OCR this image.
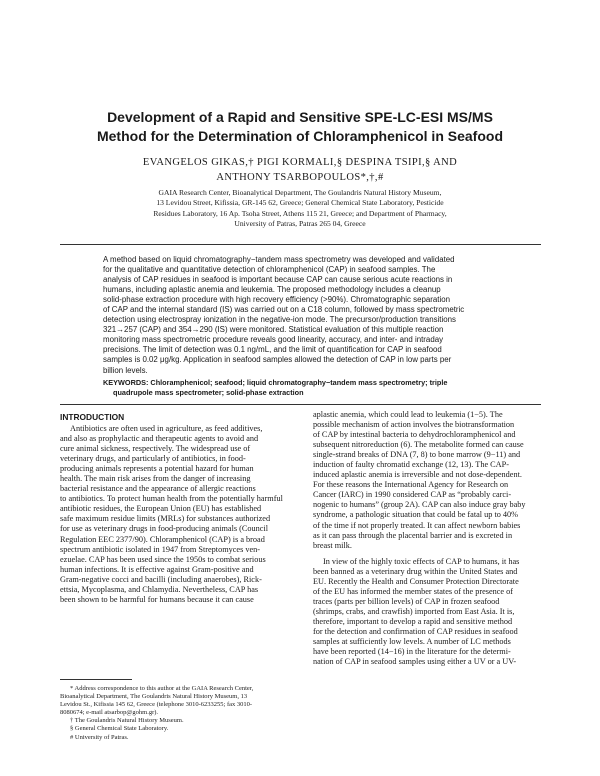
Development of a Rapid and Sensitive SPE-LC-ESI MS/MS
Method for the Determination of Chloramphenicol in Seafood
EVANGELOS GIKAS,† PIGI KORMALI,§ DESPINA TSIPI,§ AND
ANTHONY TSARBOPOULOS*,†,#
GAIA Research Center, Bioanalytical Department, The Goulandris Natural History Museum,
13 Levidou Street, Kifissia, GR-145 62, Greece; General Chemical State Laboratory, Pesticide
Residues Laboratory, 16 Ap. Tsoha Street, Athens 115 21, Greece; and Department of Pharmacy,
University of Patras, Patras 265 04, Greece
A method based on liquid chromatography−tandem mass spectrometry was developed and validated
for the qualitative and quantitative detection of chloramphenicol (CAP) in seafood samples. The
analysis of CAP residues in seafood is important because CAP can cause serious acute reactions in
humans, including aplastic anemia and leukemia. The proposed methodology includes a cleanup
solid-phase extraction procedure with high recovery efficiency (>90%). Chromatographic separation
of CAP and the internal standard (IS) was carried out on a C18 column, followed by mass spectrometric
detection using electrospray ionization in the negative-ion mode. The precursor/production transitions
321→257 (CAP) and 354→290 (IS) were monitored. Statistical evaluation of this multiple reaction
monitoring mass spectrometric procedure reveals good linearity, accuracy, and inter- and intraday
precisions. The limit of detection was 0.1 ng/mL, and the limit of quantification for CAP in seafood
samples is 0.02 μg/kg. Application in seafood samples allowed the detection of CAP in low parts per
billion levels.
KEYWORDS: Chloramphenicol; seafood; liquid chromatography−tandem mass spectrometry; triple
quadrupole mass spectrometer; solid-phase extraction
INTRODUCTION
Antibiotics are often used in agriculture, as feed additives,
and also as prophylactic and therapeutic agents to avoid and
cure animal sickness, respectively. The widespread use of
veterinary drugs, and particularly of antibiotics, in food-
producing animals represents a potential hazard for human
health. The main risk arises from the danger of increasing
bacterial resistance and the appearance of allergic reactions
to antibiotics. To protect human health from the potentially harmful
antibiotic residues, the European Union (EU) has established
safe maximum residue limits (MRLs) for substances authorized
for use as veterinary drugs in food-producing animals (Council
Regulation EEC 2377/90). Chloramphenicol (CAP) is a broad
spectrum antibiotic isolated in 1947 from Streptomyces ven-
ezuelae. CAP has been used since the 1950s to combat serious
human infections. It is effective against Gram-positive and
Gram-negative cocci and bacilli (including anaerobes), Rick-
ettsia, Mycoplasma, and Chlamydia. Nevertheless, CAP has
been shown to be harmful for humans because it can cause
* Address correspondence to this author at the GAIA Research Center,
Bioanalytical Department, The Goulandris Natural History Museum, 13
Levidou St., Kifissia 145 62, Greece (telephone 3010-6233255; fax 3010-
8080674; e-mail atsarbop@gohm.gr).
† The Goulandris Natural History Museum.
§ General Chemical State Laboratory.
# University of Patras.
aplastic anemia, which could lead to leukemia (1−5). The
possible mechanism of action involves the biotransformation
of CAP by intestinal bacteria to dehydrochloramphenicol and
subsequent nitroreduction (6). The metabolite formed can cause
single-strand breaks of DNA (7, 8) to bone marrow (9−11) and
induction of faulty chromatid exchange (12, 13). The CAP-
induced aplastic anemia is irreversible and not dose-dependent.
For these reasons the International Agency for Research on
Cancer (IARC) in 1990 considered CAP as “probably carci-
nogenic to humans” (group 2A). CAP can also induce gray baby
syndrome, a pathologic situation that could be fatal up to 40%
of the time if not properly treated. It can affect newborn babies
as it can pass through the placental barrier and is excreted in
breast milk.
In view of the highly toxic effects of CAP to humans, it has
been banned as a veterinary drug within the United States and
EU. Recently the Health and Consumer Protection Directorate
of the EU has informed the member states of the presence of
traces (parts per billion levels) of CAP in frozen seafood
(shrimps, crabs, and crawfish) imported from East Asia. It is,
therefore, important to develop a rapid and sensitive method
for the detection and confirmation of CAP residues in seafood
samples at sufficiently low levels. A number of LC methods
have been reported (14−16) in the literature for the determi-
nation of CAP in seafood samples using either a UV or a UV-
